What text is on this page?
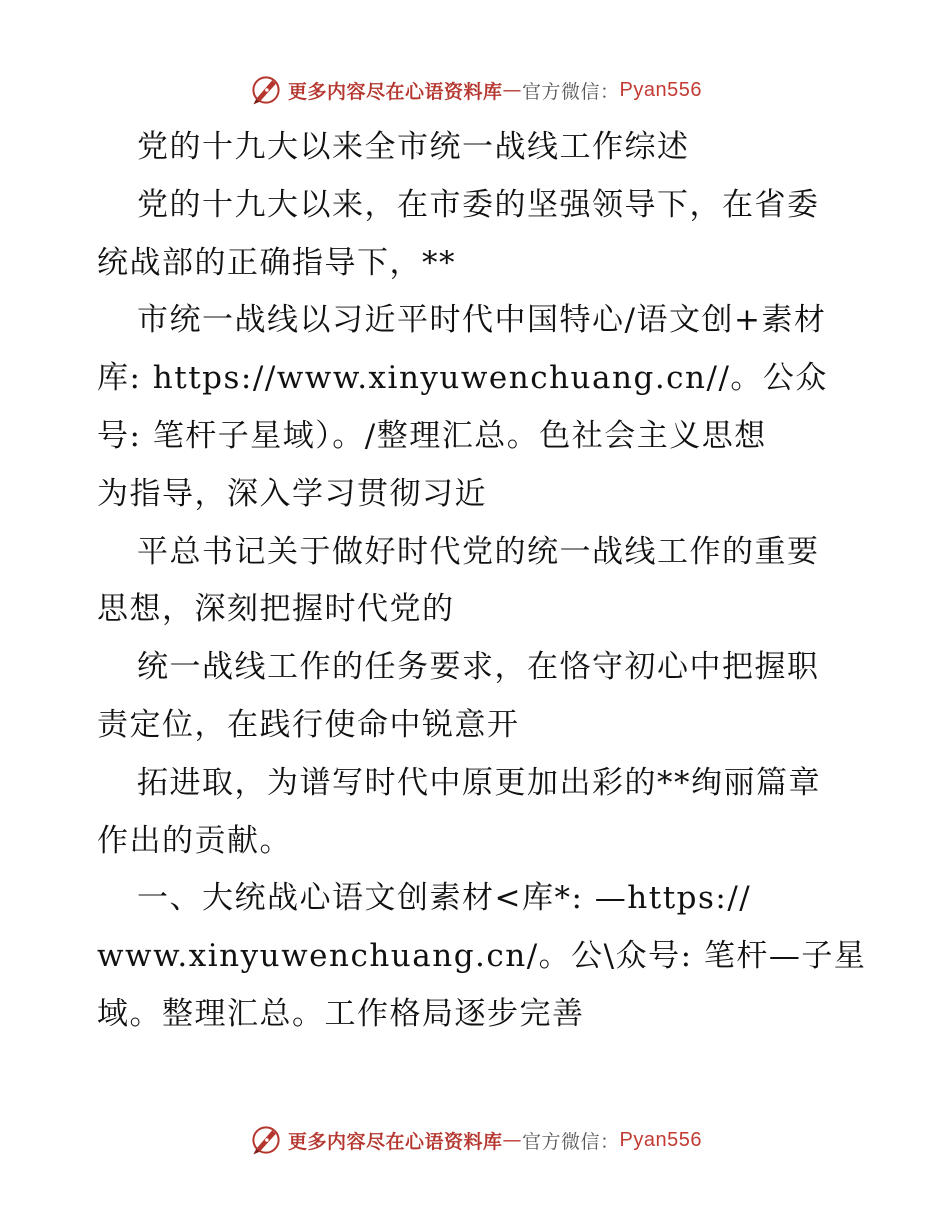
更多内容尽在心语资料库 — 官方微信： Pyan556

党的十九大以来全市统一战线工作综述

党的十九大以来，在市委的坚强领导下，在省委

统战部的正确指导下，**

市统一战线以习近平时代中国特心/语文创+素材

库: https://www.xinyuwenchuang.cn//。公众

号: 笔杆子星域）。/整理汇总。色社会主义思想

为指导，深入学习贯彻习近

平总书记关于做好时代党的统一战线工作的重要

思想，深刻把握时代党的

统一战线工作的任务要求，在恪守初心中把握职

责定位，在践行使命中锐意开

拓进取，为谱写时代中原更加出彩的**绚丽篇章

作出的贡献。

一、大统战心语文创素材<库*: —https://

www.xinyuwenchuang.cn/。公\众号: 笔杆—子星

域。整理汇总。工作格局逐步完善

更多内容尽在心语资料库 — 官方微信： Pyan556
